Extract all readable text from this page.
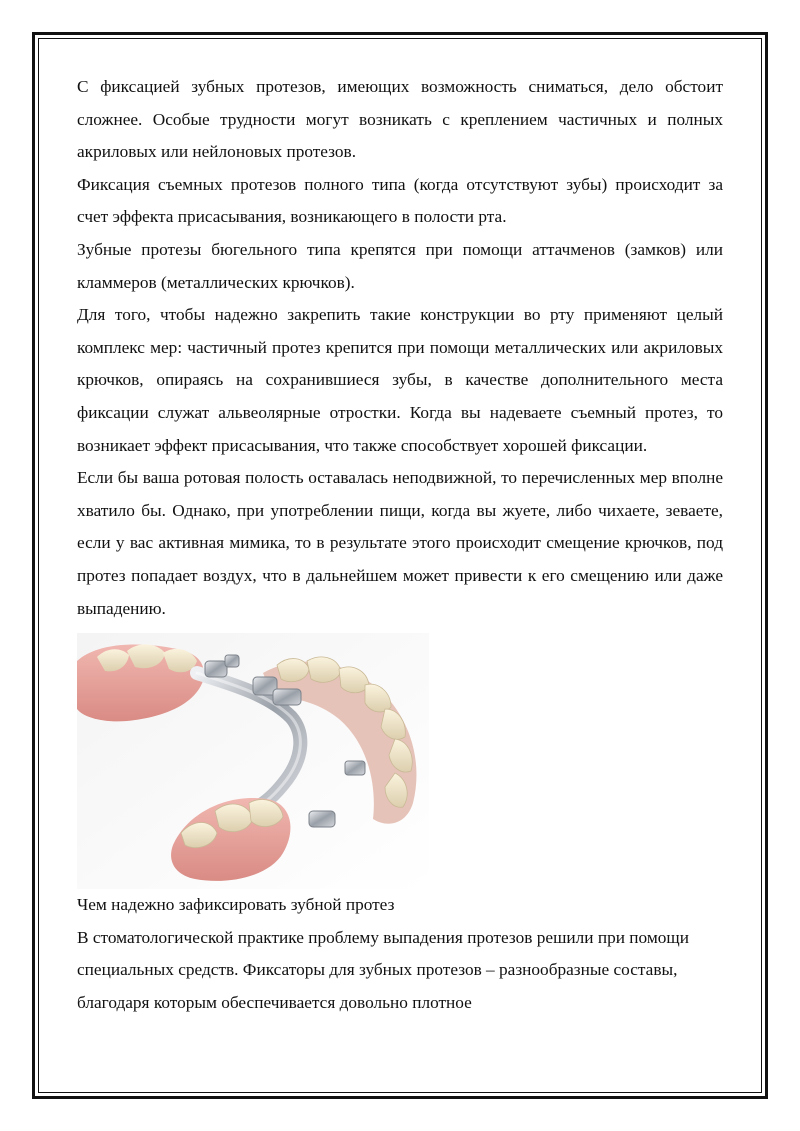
С фиксацией зубных протезов, имеющих возможность сниматься, дело обстоит сложнее. Особые трудности могут возникать с креплением частичных и полных акриловых или нейлоновых протезов.

Фиксация съемных протезов полного типа (когда отсутствуют зубы) происходит за счет эффекта присасывания, возникающего в полости рта.

Зубные протезы бюгельного типа крепятся при помощи аттачменов (замков) или кламмеров (металлических крючков).

Для того, чтобы надежно закрепить такие конструкции во рту применяют целый комплекс мер: частичный протез крепится при помощи металлических или акриловых крючков, опираясь на сохранившиеся зубы, в качестве дополнительного места фиксации служат альвеолярные отростки. Когда вы надеваете съемный протез, то возникает эффект присасывания, что также способствует хорошей фиксации.

Если бы ваша ротовая полость оставалась неподвижной, то перечисленных мер вполне хватило бы. Однако, при употреблении пищи, когда вы жуете, либо чихаете, зеваете, если у вас активная мимика, то в результате этого происходит смещение крючков, под протез попадает воздух, что в дальнейшем может привести к его смещению или даже выпадению.

Чем надежно зафиксировать зубной протез

В стоматологической практике проблему выпадения протезов решили при помощи специальных средств. Фиксаторы для зубных протезов – разнообразные составы, благодаря которым обеспечивается довольно плотное
